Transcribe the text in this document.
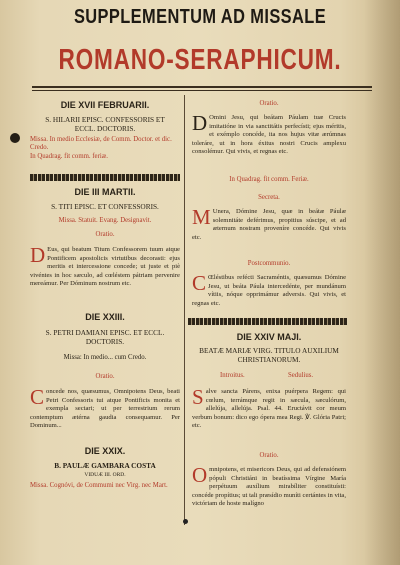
SUPPLEMENTUM AD MISSALE
ROMANO-SERAPHICUM.
DIE XVII FEBRUARII.
S. HILARII EPISC. CONFESSORIS ET
ECCL. DOCTORIS.
Missa. In medio Ecclesiæ, de Comm. Doctor. et dic. Credo.
In Quadrag. fit comm. feriæ.
DIE III MARTII.
S. TITI EPISC. ET CONFESSORIS.
Missa. Statuit. Evang. Designavit.
Oratio.
D Eus, qui beatum Titum Confessorem tuum atque Pontificem apostolicis virtutibus decorasti: ejus meritis et intercessione concede; ut juste et piè vivéntes in hoc sæculo, ad cœléstem pátriam pervenire mereámur. Per Dóminum nostrum etc.
DIE XXIII.
S. PETRI DAMIANI EPISC. ET ECCL.
DOCTORIS.
Missa: In medio... cum Credo.
Oratio.
Concede nos, quæsumus, Omnipotens Deus, beati Petri Confessoris tui atque Pontificis monita et exempla sectari; ut per terrestrium rerum contemptum ætérna gaudia consequamur. Per Dominum...
DIE XXIX.
B. PAULÆ GAMBARA COSTA
VIDUÆ III. ORD.
Missa. Cognóvi, de Commumi nec Virg. nec Mart.
Oratio.
D Omini Jesu, qui beátam Páulam tuæ Crucis imitatióne in via sanctitátis perfecísti; ejus méritis, et exémplo concéde, ita nos hujus vitæ ærúmnas toleráre, ut in hora éxitus nostri Crucis amplexu consolémur. Qui vivis, et regnas etc.
In Quadrag. fit comm. Feriæ.
Secreta.
M Unera, Dómine Jesu, quæ in beátæ Páulæ solemnitáte deférimus, propitius súscipe, et ad æternum nostram proveníre concéde. Qui vivis etc.
Postcommunio.
C Œléstibus refécti Sacraméntis, quæsumus Dómine Jesu, ut beáta Páula intercedénte, per mundánum vítiis, nóque opprimámur adversis. Qui vivis, et regnas etc.
DIE XXIV MAJI.
BEATÆ MARIÆ VIRG. TITULO AUXILIUM
CHRISTIANORUM.
Introitus.	Sedulius.
Salve sancta Párens, enixa puérpera Regem: qui cœlum, terrámque regit in sæcula, sæculórum, allelúja, allelúja. Psal. 44. Eructávit cor meum verbum bonum: dico ego ópera mea Regi. ℣. Glória Patri; etc.
Oratio.
Omnipotens, et misericors Deus, qui ad defensiónem pópuli Christiáni in beatíssima Vírgine María perpétuum auxílium mirabíliter constituísti: concéde propítius; ut tali præsídio muníti certántes in vita, victóriam de hoste malígno
